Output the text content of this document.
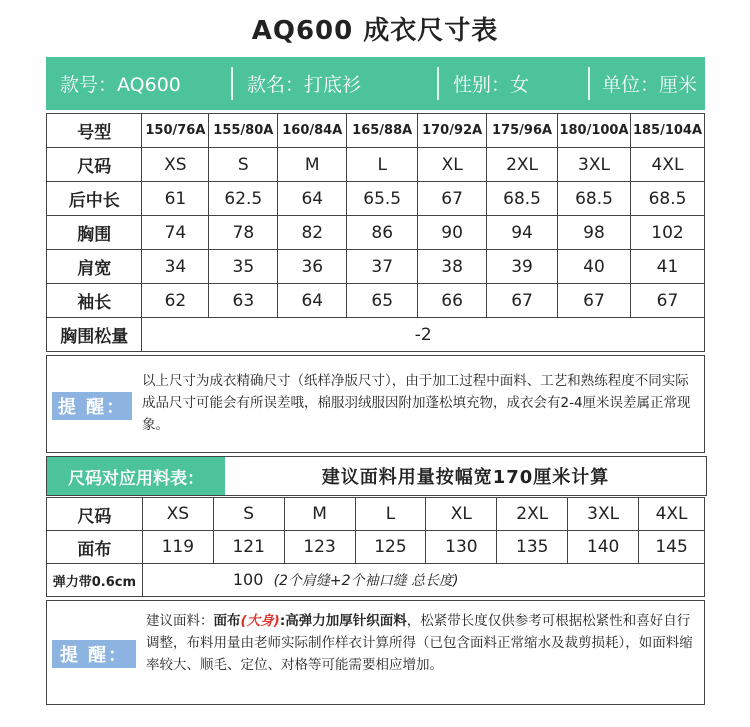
AQ600 成衣尺寸表
款号：AQ600	款名：打底衫	性别：女	单位：厘米
号型	150/76A	155/80A	160/84A	165/88A	170/92A	175/96A	180/100A	185/104A
尺码	XS	S	M	L	XL	2XL	3XL	4XL
后中长	61	62.5	64	65.5	67	68.5	68.5	68.5
胸围	74	78	82	86	90	94	98	102
肩宽	34	35	36	37	38	39	40	41
袖长	62	63	64	65	66	67	67	67
胸围松量	-2							
提 醒：
以上尺寸为成衣精确尺寸（纸样净版尺寸），由于加工过程中面料、工艺和熟练程度不同实际成品尺寸可能会有所误差哦，棉服羽绒服因附加蓬松填充物，成衣会有2-4厘米误差属正常现象。
尺码对应用料表：	建议面料用量按幅宽170厘米计算
尺码	XS	S	M	L	XL	2XL	3XL	4XL
面布	119	121	123	125	130	135	140	145
弹力带0.6cm	100 (2个肩缝+2个袖口缝 总长度)							
提 醒：
建议面料：面布(大身):高弹力加厚针织面料，松紧带长度仅供参考可根据松紧性和喜好自行调整，布料用量由老师实际制作样衣计算所得（已包含面料正常缩水及裁剪损耗），如面料缩率较大、顺毛、定位、对格等可能需要相应增加。
